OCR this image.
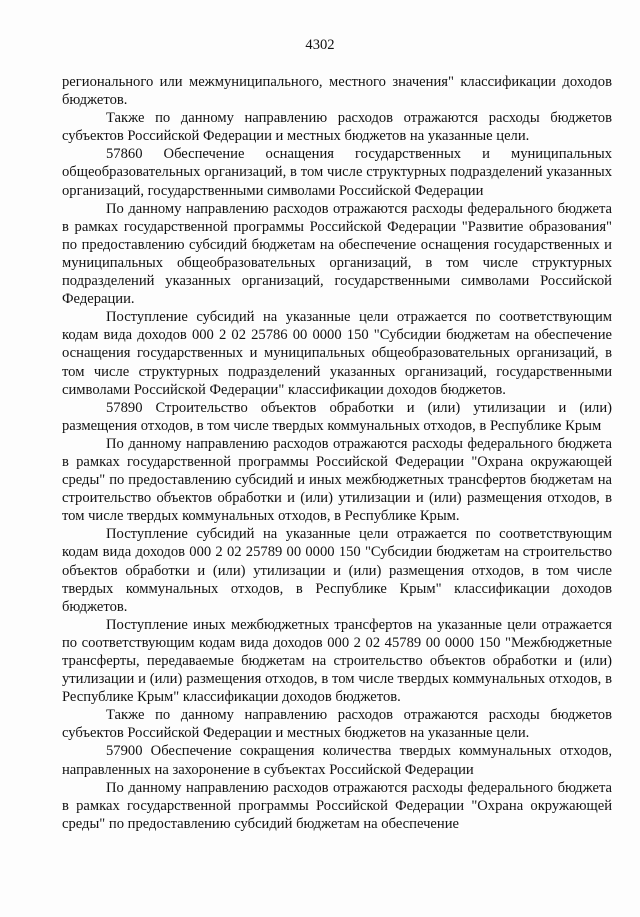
4302

регионального или межмуниципального, местного значения" классификации доходов бюджетов.

Также по данному направлению расходов отражаются расходы бюджетов субъектов Российской Федерации и местных бюджетов на указанные цели.

57860 Обеспечение оснащения государственных и муниципальных общеобразовательных организаций, в том числе структурных подразделений указанных организаций, государственными символами Российской Федерации

По данному направлению расходов отражаются расходы федерального бюджета в рамках государственной программы Российской Федерации "Развитие образования" по предоставлению субсидий бюджетам на обеспечение оснащения государственных и муниципальных общеобразовательных организаций, в том числе структурных подразделений указанных организаций, государственными символами Российской Федерации.

Поступление субсидий на указанные цели отражается по соответствующим кодам вида доходов 000 2 02 25786 00 0000 150 "Субсидии бюджетам на обеспечение оснащения государственных и муниципальных общеобразовательных организаций, в том числе структурных подразделений указанных организаций, государственными символами Российской Федерации" классификации доходов бюджетов.

57890 Строительство объектов обработки и (или) утилизации и (или) размещения отходов, в том числе твердых коммунальных отходов, в Республике Крым

По данному направлению расходов отражаются расходы федерального бюджета в рамках государственной программы Российской Федерации "Охрана окружающей среды" по предоставлению субсидий и иных межбюджетных трансфертов бюджетам на строительство объектов обработки и (или) утилизации и (или) размещения отходов, в том числе твердых коммунальных отходов, в Республике Крым.

Поступление субсидий на указанные цели отражается по соответствующим кодам вида доходов 000 2 02 25789 00 0000 150 "Субсидии бюджетам на строительство объектов обработки и (или) утилизации и (или) размещения отходов, в том числе твердых коммунальных отходов, в Республике Крым" классификации доходов бюджетов.

Поступление иных межбюджетных трансфертов на указанные цели отражается по соответствующим кодам вида доходов 000 2 02 45789 00 0000 150 "Межбюджетные трансферты, передаваемые бюджетам на строительство объектов обработки и (или) утилизации и (или) размещения отходов, в том числе твердых коммунальных отходов, в Республике Крым" классификации доходов бюджетов.

Также по данному направлению расходов отражаются расходы бюджетов субъектов Российской Федерации и местных бюджетов на указанные цели.

57900 Обеспечение сокращения количества твердых коммунальных отходов, направленных на захоронение в субъектах Российской Федерации

По данному направлению расходов отражаются расходы федерального бюджета в рамках государственной программы Российской Федерации "Охрана окружающей среды" по предоставлению субсидий бюджетам на обеспечение
